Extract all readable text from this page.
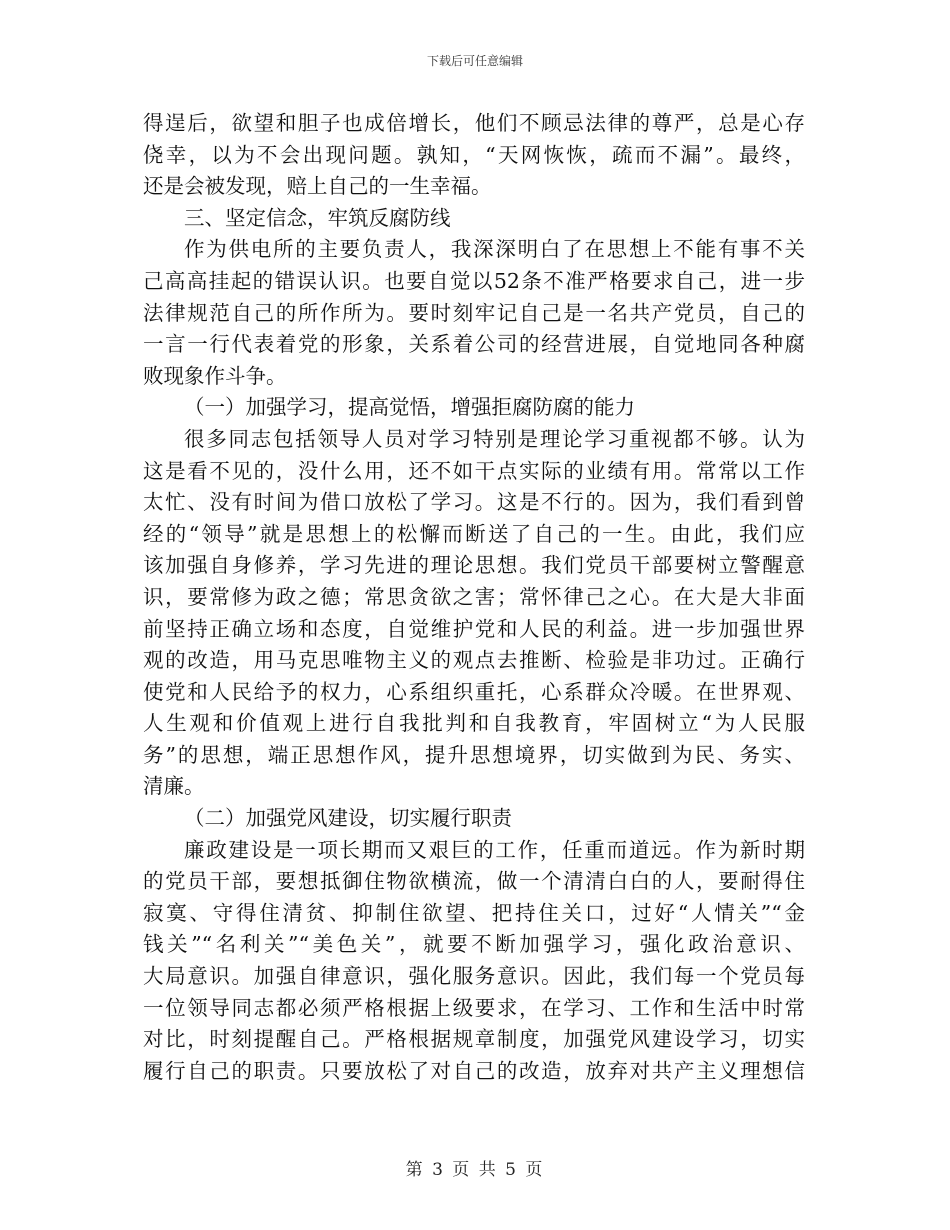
下载后可任意编辑
得逞后，欲望和胆子也成倍增长，他们不顾忌法律的尊严，总是心存
侥幸，以为不会出现问题。孰知，“天网恢恢，疏而不漏”。最终，
还是会被发现，赔上自己的一生幸福。
三、坚定信念，牢筑反腐防线
作为供电所的主要负责人，我深深明白了在思想上不能有事不关
己高高挂起的错误认识。也要自觉以52条不准严格要求自己，进一步
法律规范自己的所作所为。要时刻牢记自己是一名共产党员，自己的
一言一行代表着党的形象，关系着公司的经营进展，自觉地同各种腐
败现象作斗争。
（一）加强学习，提高觉悟，增强拒腐防腐的能力
很多同志包括领导人员对学习特别是理论学习重视都不够。认为
这是看不见的，没什么用，还不如干点实际的业绩有用。常常以工作
太忙、没有时间为借口放松了学习。这是不行的。因为，我们看到曾
经的“领导”就是思想上的松懈而断送了自己的一生。由此，我们应
该加强自身修养，学习先进的理论思想。我们党员干部要树立警醒意
识，要常修为政之德；常思贪欲之害；常怀律己之心。在大是大非面
前坚持正确立场和态度，自觉维护党和人民的利益。进一步加强世界
观的改造，用马克思唯物主义的观点去推断、检验是非功过。正确行
使党和人民给予的权力，心系组织重托，心系群众冷暖。在世界观、
人生观和价值观上进行自我批判和自我教育，牢固树立“为人民服
务”的思想，端正思想作风，提升思想境界，切实做到为民、务实、
清廉。
（二）加强党风建设，切实履行职责
廉政建设是一项长期而又艰巨的工作，任重而道远。作为新时期
的党员干部，要想抵御住物欲横流，做一个清清白白的人，要耐得住
寂寞、守得住清贫、抑制住欲望、把持住关口，过好“人情关”“金
钱关”“名利关”“美色关”，就要不断加强学习，强化政治意识、
大局意识。加强自律意识，强化服务意识。因此，我们每一个党员每
一位领导同志都必须严格根据上级要求，在学习、工作和生活中时常
对比，时刻提醒自己。严格根据规章制度，加强党风建设学习，切实
履行自己的职责。只要放松了对自己的改造，放弃对共产主义理想信
第 3 页 共 5 页
